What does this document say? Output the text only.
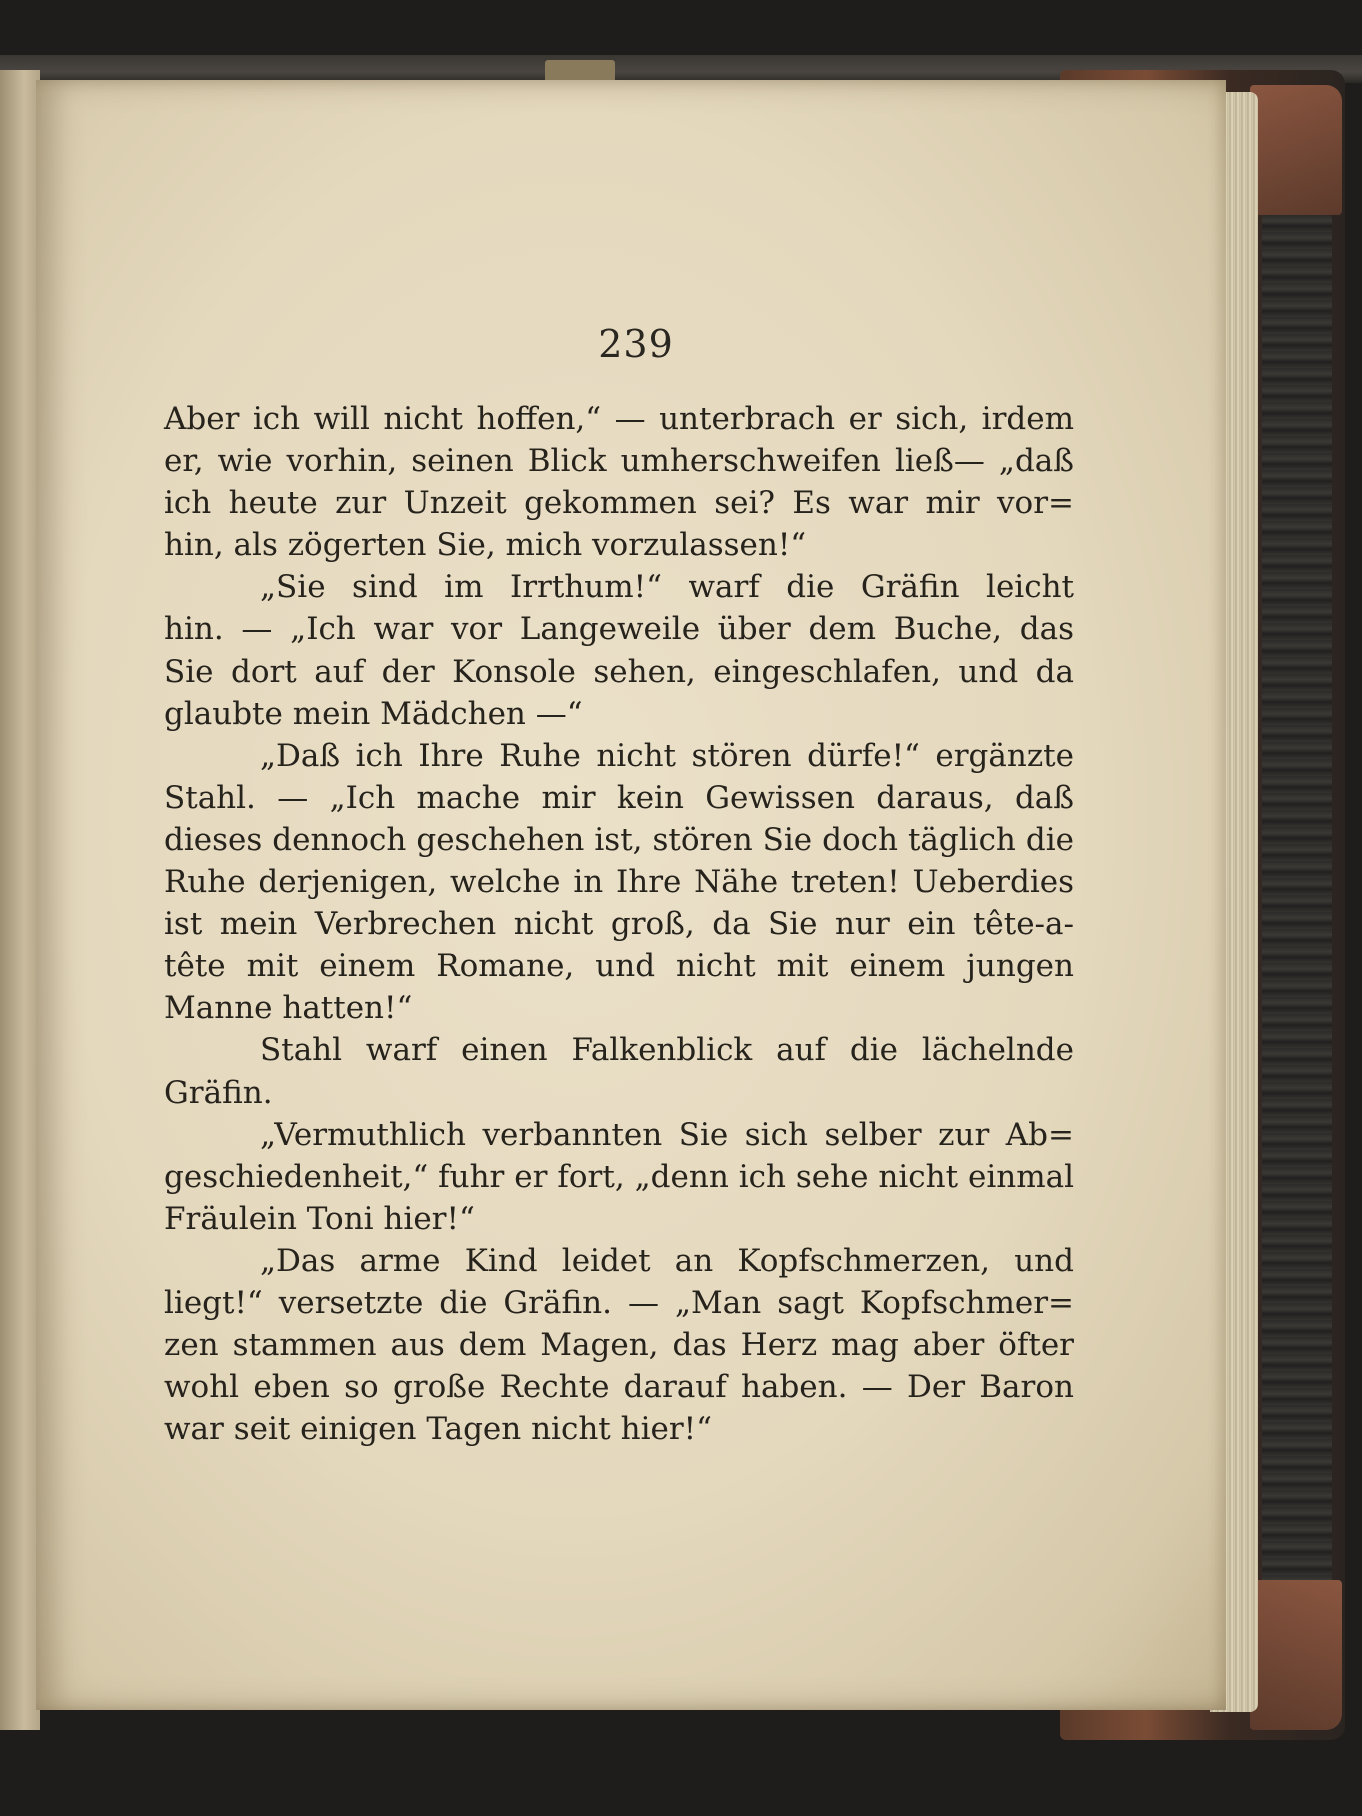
239

Aber ich will nicht hoffen,“ — unterbrach er sich, irdem
er, wie vorhin, seinen Blick umherschweifen ließ— „daß
ich heute zur Unzeit gekommen sei? Es war mir vor=
hin, als zögerten Sie, mich vorzulassen!“

„Sie sind im Irrthum!“ warf die Gräfin leicht
hin. — „Ich war vor Langeweile über dem Buche, das
Sie dort auf der Konsole sehen, eingeschlafen, und da
glaubte mein Mädchen —“

„Daß ich Ihre Ruhe nicht stören dürfe!“ ergänzte
Stahl. — „Ich mache mir kein Gewissen daraus, daß
dieses dennoch geschehen ist, stören Sie doch täglich die
Ruhe derjenigen, welche in Ihre Nähe treten! Ueberdies
ist mein Verbrechen nicht groß, da Sie nur ein tête-a-
tête mit einem Romane, und nicht mit einem jungen
Manne hatten!“

Stahl warf einen Falkenblick auf die lächelnde
Gräfin.

„Vermuthlich verbannten Sie sich selber zur Ab=
geschiedenheit,“ fuhr er fort, „denn ich sehe nicht einmal
Fräulein Toni hier!“

„Das arme Kind leidet an Kopfschmerzen, und
liegt!“ versetzte die Gräfin. — „Man sagt Kopfschmer=
zen stammen aus dem Magen, das Herz mag aber öfter
wohl eben so große Rechte darauf haben. — Der Baron
war seit einigen Tagen nicht hier!“
